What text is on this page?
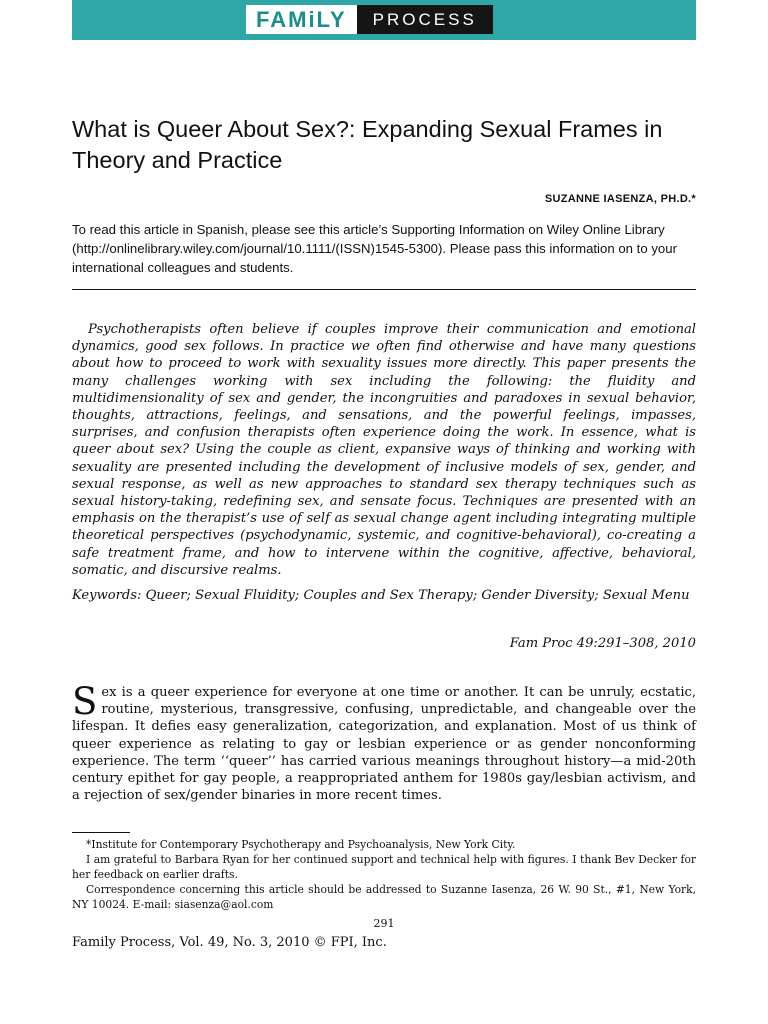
FAMiLY	PROCESS
What is Queer About Sex?: Expanding Sexual Frames in Theory and Practice
SUZANNE IASENZA, PH.D.*
To read this article in Spanish, please see this article’s Supporting Information on Wiley Online Library (http://onlinelibrary.wiley.com/journal/10.1111/(ISSN)1545-5300). Please pass this information on to your international colleagues and students.

Psychotherapists often believe if couples improve their communication and emotional dynamics, good sex follows. In practice we often find otherwise and have many questions about how to proceed to work with sexuality issues more directly. This paper presents the many challenges working with sex including the following: the fluidity and multidimensionality of sex and gender, the incongruities and paradoxes in sexual behavior, thoughts, attractions, feelings, and sensations, and the powerful feelings, impasses, surprises, and confusion therapists often experience doing the work. In essence, what is queer about sex? Using the couple as client, expansive ways of thinking and working with sexuality are presented including the development of inclusive models of sex, gender, and sexual response, as well as new approaches to standard sex therapy techniques such as sexual history-taking, redefining sex, and sensate focus. Techniques are presented with an emphasis on the therapist’s use of self as sexual change agent including integrating multiple theoretical perspectives (psychodynamic, systemic, and cognitive-behavioral), co-creating a safe treatment frame, and how to intervene within the cognitive, affective, behavioral, somatic, and discursive realms.

Keywords: Queer; Sexual Fluidity; Couples and Sex Therapy; Gender Diversity; Sexual Menu
Fam Proc 49:291–308, 2010

Sex is a queer experience for everyone at one time or another. It can be unruly, ecstatic, routine, mysterious, transgressive, confusing, unpredictable, and changeable over the lifespan. It defies easy generalization, categorization, and explanation. Most of us think of queer experience as relating to gay or lesbian experience or as gender nonconforming experience. The term ‘‘queer’’ has carried various meanings throughout history—a mid-20th century epithet for gay people, a reappropriated anthem for 1980s gay/lesbian activism, and a rejection of sex/gender binaries in more recent times.

*Institute for Contemporary Psychotherapy and Psychoanalysis, New York City.

I am grateful to Barbara Ryan for her continued support and technical help with figures. I thank Bev Decker for her feedback on earlier drafts.

Correspondence concerning this article should be addressed to Suzanne Iasenza, 26 W. 90 St., #1, New York, NY 10024. E-mail: siasenza@aol.com

291
Family Process, Vol. 49, No. 3, 2010 © FPI, Inc.
